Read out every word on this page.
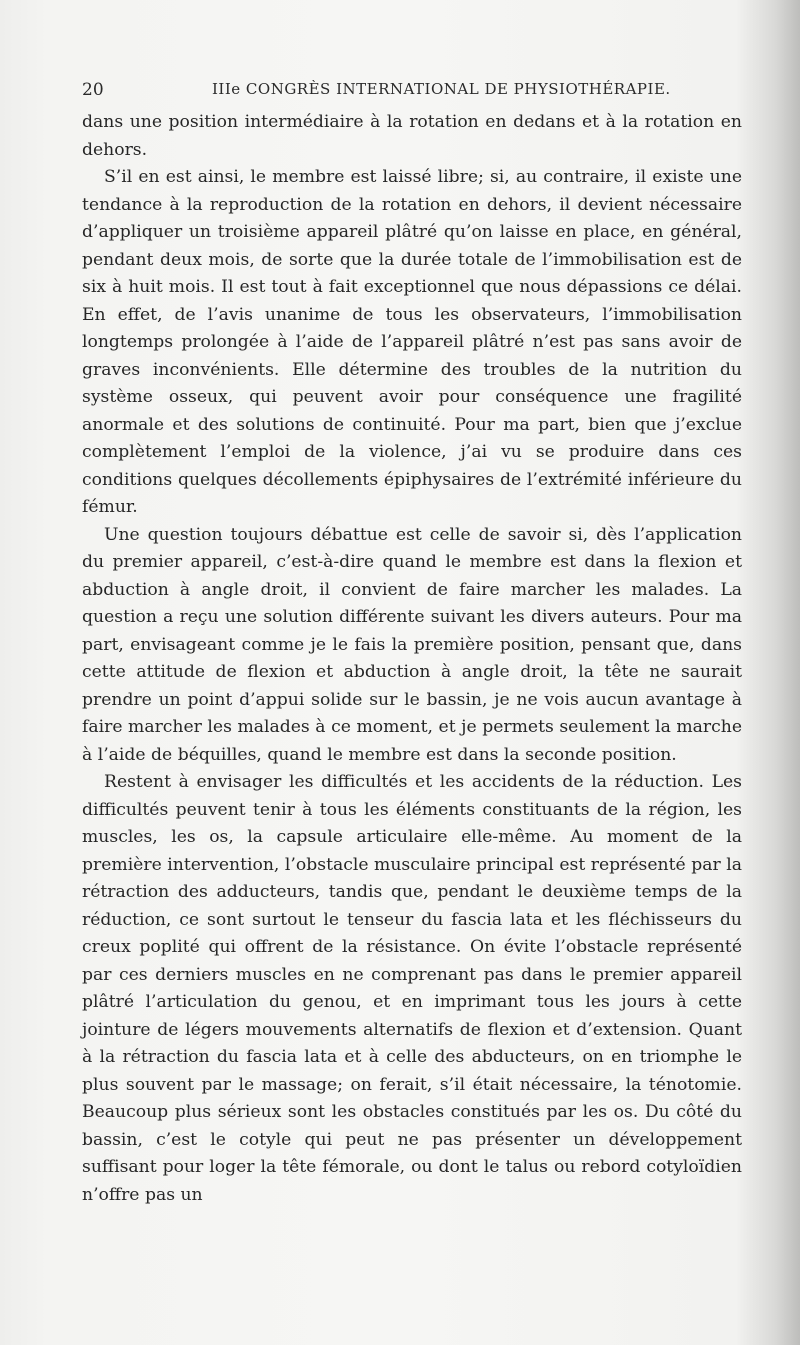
20	IIIe CONGRÈS INTERNATIONAL DE PHYSIOTHÉRAPIE.

dans une position intermédiaire à la rotation en dedans et à la rotation en dehors.

S’il en est ainsi, le membre est laissé libre; si, au contraire, il existe une tendance à la reproduction de la rotation en dehors, il devient nécessaire d’appliquer un troisième appareil plâtré qu’on laisse en place, en général, pendant deux mois, de sorte que la durée totale de l’immobilisation est de six à huit mois. Il est tout à fait exceptionnel que nous dépassions ce délai. En effet, de l’avis unanime de tous les observateurs, l’immobilisation longtemps prolongée à l’aide de l’appareil plâtré n’est pas sans avoir de graves inconvénients. Elle détermine des troubles de la nutrition du système osseux, qui peuvent avoir pour conséquence une fragilité anormale et des solutions de continuité. Pour ma part, bien que j’exclue complètement l’emploi de la violence, j’ai vu se produire dans ces conditions quelques décollements épiphysaires de l’extrémité inférieure du fémur.

Une question toujours débattue est celle de savoir si, dès l’application du premier appareil, c’est-à-dire quand le membre est dans la flexion et abduction à angle droit, il convient de faire marcher les malades. La question a reçu une solution différente suivant les divers auteurs. Pour ma part, envisageant comme je le fais la première position, pensant que, dans cette attitude de flexion et abduction à angle droit, la tête ne saurait prendre un point d’appui solide sur le bassin, je ne vois aucun avantage à faire marcher les malades à ce moment, et je permets seulement la marche à l’aide de béquilles, quand le membre est dans la seconde position.

Restent à envisager les difficultés et les accidents de la réduction. Les difficultés peuvent tenir à tous les éléments constituants de la région, les muscles, les os, la capsule articulaire elle-même. Au moment de la première intervention, l’obstacle musculaire principal est représenté par la rétraction des adducteurs, tandis que, pendant le deuxième temps de la réduction, ce sont surtout le tenseur du fascia lata et les fléchisseurs du creux poplité qui offrent de la résistance. On évite l’obstacle représenté par ces derniers muscles en ne comprenant pas dans le premier appareil plâtré l’articulation du genou, et en imprimant tous les jours à cette jointure de légers mouvements alternatifs de flexion et d’extension. Quant à la rétraction du fascia lata et à celle des abducteurs, on en triomphe le plus souvent par le massage; on ferait, s’il était nécessaire, la ténotomie. Beaucoup plus sérieux sont les obstacles constitués par les os. Du côté du bassin, c’est le cotyle qui peut ne pas présenter un développement suffisant pour loger la tête fémorale, ou dont le talus ou rebord cotyloïdien n’offre pas un
